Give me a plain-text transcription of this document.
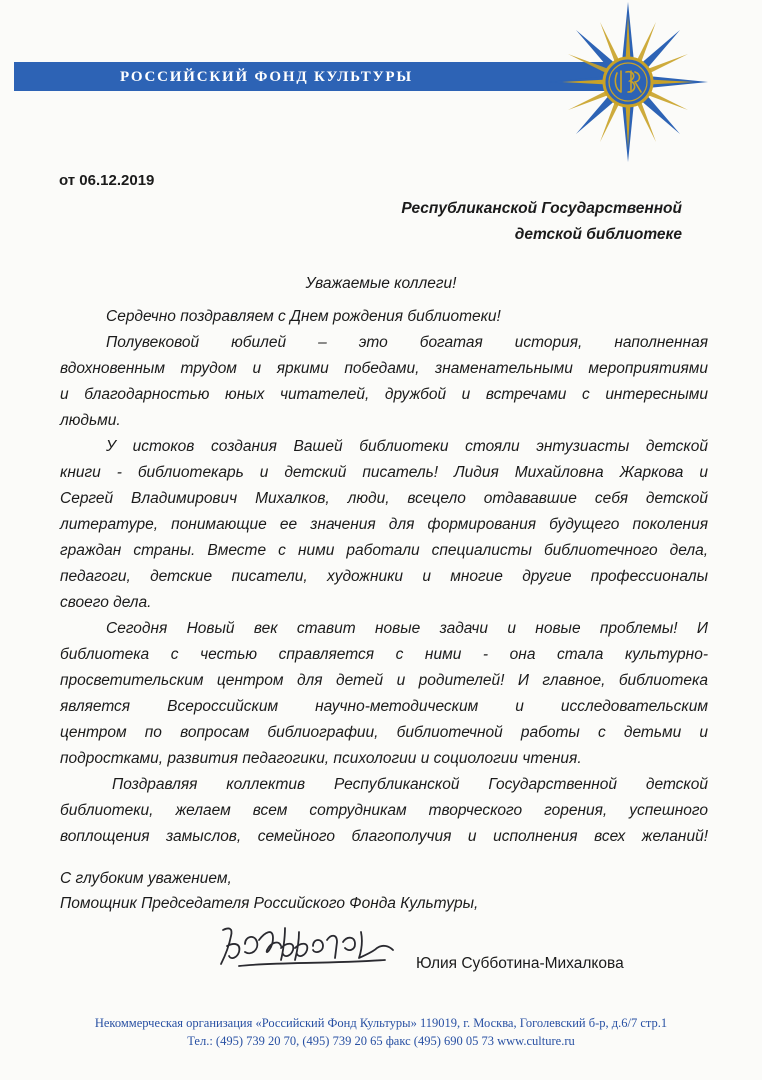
РОССИЙСКИЙ ФОНД КУЛЬТУРЫ
от 06.12.2019
Республиканской Государственной
детской библиотеке
Уважаемые коллеги!
Сердечно поздравляем с Днем рождения библиотеки!
Полувековой юбилей – это богатая история, наполненная
вдохновенным трудом и яркими победами, знаменательными мероприятиями
и благодарностью юных читателей, дружбой и встречами с интересными
людьми.
У истоков создания Вашей библиотеки стояли энтузиасты детской
книги - библиотекарь и детский писатель! Лидия Михайловна Жаркова и
Сергей Владимирович Михалков, люди, всецело отдававшие себя детской
литературе, понимающие ее значения для формирования будущего поколения
граждан страны. Вместе с ними работали специалисты библиотечного дела,
педагоги, детские писатели, художники и многие другие профессионалы
своего дела.
Сегодня Новый век ставит новые задачи и новые проблемы! И
библиотека с честью справляется с ними - она стала культурно-
просветительским центром для детей и родителей! И главное, библиотека
является Всероссийским научно-методическим и исследовательским
центром по вопросам библиографии, библиотечной работы с детьми и
подростками, развития педагогики, психологии и социологии чтения.
Поздравляя коллектив Республиканской Государственной детской
библиотеки, желаем всем сотрудникам творческого горения, успешного
воплощения замыслов, семейного благополучия и исполнения всех желаний!
С глубоким уважением,
Помощник Председателя Российского Фонда Культуры,
Юлия Субботина-Михалкова
Некоммерческая организация «Российский Фонд Культуры» 119019, г. Москва, Гоголевский б-р, д.6/7 стр.1
Тел.: (495) 739 20 70, (495) 739 20 65 факс (495) 690 05 73 www.culture.ru
